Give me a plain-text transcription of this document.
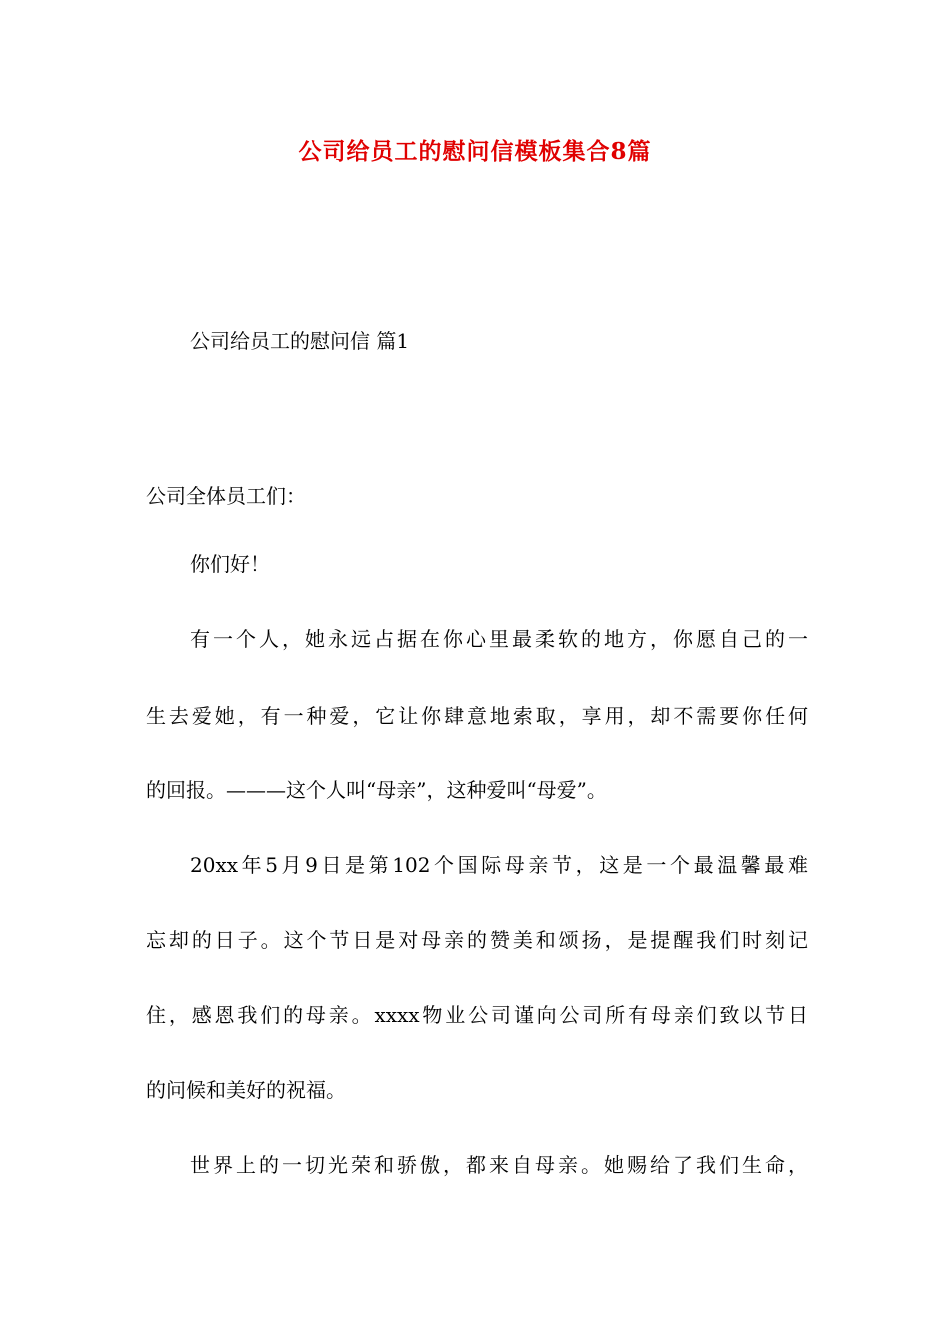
公司给员工的慰问信模板集合8篇
公司给员工的慰问信 篇1
公司全体员工们：
你们好！
有一个人，她永远占据在你心里最柔软的地方，你愿自己的一
生去爱她，有一种爱，它让你肆意地索取，享用，却不需要你任何
的回报。———这个人叫“母亲”，这种爱叫“母爱”。
20xx年5月9日是第102个国际母亲节，这是一个最温馨最难
忘却的日子。这个节日是对母亲的赞美和颂扬，是提醒我们时刻记
住，感恩我们的母亲。xxxx物业公司谨向公司所有母亲们致以节日
的问候和美好的祝福。
世界上的一切光荣和骄傲，都来自母亲。她赐给了我们生命，
